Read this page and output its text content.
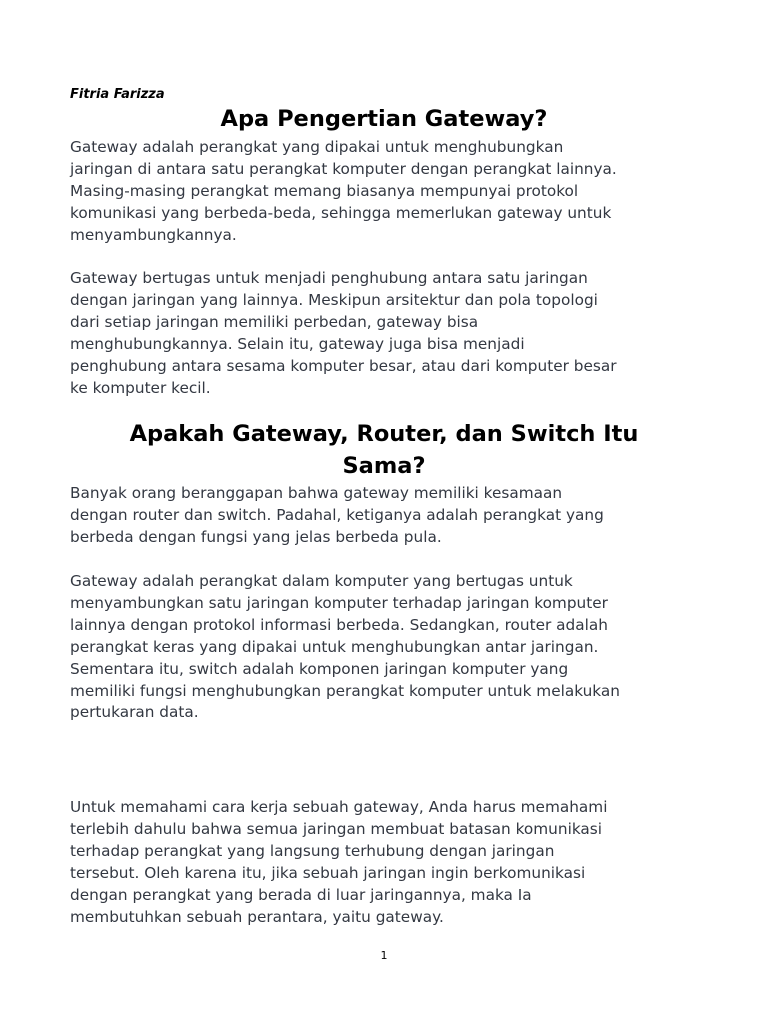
Fitria Farizza
Apa Pengertian Gateway?

Gateway adalah perangkat yang dipakai untuk menghubungkan
jaringan di antara satu perangkat komputer dengan perangkat lainnya.
Masing-masing perangkat memang biasanya mempunyai protokol
komunikasi yang berbeda-beda, sehingga memerlukan gateway untuk
menyambungkannya.

Gateway bertugas untuk menjadi penghubung antara satu jaringan
dengan jaringan yang lainnya. Meskipun arsitektur dan pola topologi
dari setiap jaringan memiliki perbedan, gateway bisa
menghubungkannya. Selain itu, gateway juga bisa menjadi
penghubung antara sesama komputer besar, atau dari komputer besar
ke komputer kecil.

Apakah Gateway, Router, dan Switch Itu
Sama?

Banyak orang beranggapan bahwa gateway memiliki kesamaan
dengan router dan switch. Padahal, ketiganya adalah perangkat yang
berbeda dengan fungsi yang jelas berbeda pula.

Gateway adalah perangkat dalam komputer yang bertugas untuk
menyambungkan satu jaringan komputer terhadap jaringan komputer
lainnya dengan protokol informasi berbeda. Sedangkan, router adalah
perangkat keras yang dipakai untuk menghubungkan antar jaringan.
Sementara itu, switch adalah komponen jaringan komputer yang
memiliki fungsi menghubungkan perangkat komputer untuk melakukan
pertukaran data.

Untuk memahami cara kerja sebuah gateway, Anda harus memahami
terlebih dahulu bahwa semua jaringan membuat batasan komunikasi
terhadap perangkat yang langsung terhubung dengan jaringan
tersebut. Oleh karena itu, jika sebuah jaringan ingin berkomunikasi
dengan perangkat yang berada di luar jaringannya, maka Ia
membutuhkan sebuah perantara, yaitu gateway.

1
